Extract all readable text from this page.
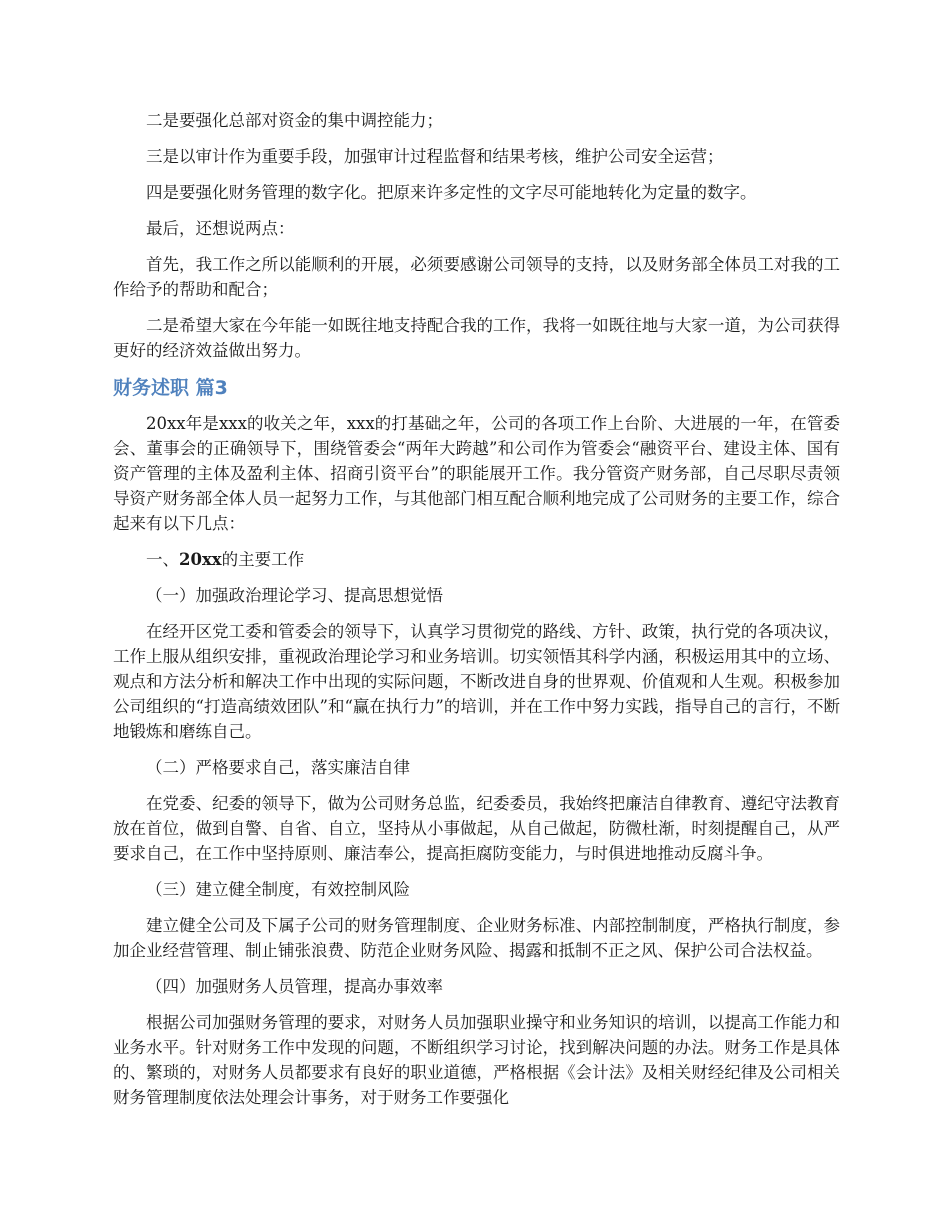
二是要强化总部对资金的集中调控能力；

三是以审计作为重要手段，加强审计过程监督和结果考核，维护公司安全运营；

四是要强化财务管理的数字化。把原来许多定性的文字尽可能地转化为定量的数字。

最后，还想说两点：

首先，我工作之所以能顺利的开展，必须要感谢公司领导的支持，以及财务部全体员工对我的工作给予的帮助和配合；

二是希望大家在今年能一如既往地支持配合我的工作，我将一如既往地与大家一道，为公司获得更好的经济效益做出努力。

财务述职 篇3

20xx年是xxx的收关之年，xxx的打基础之年，公司的各项工作上台阶、大进展的一年，在管委会、董事会的正确领导下，围绕管委会“两年大跨越”和公司作为管委会“融资平台、建设主体、国有资产管理的主体及盈利主体、招商引资平台”的职能展开工作。我分管资产财务部，自己尽职尽责领导资产财务部全体人员一起努力工作，与其他部门相互配合顺利地完成了公司财务的主要工作，综合起来有以下几点：

一、20xx的主要工作

（一）加强政治理论学习、提高思想觉悟

在经开区党工委和管委会的领导下，认真学习贯彻党的路线、方针、政策，执行党的各项决议，工作上服从组织安排，重视政治理论学习和业务培训。切实领悟其科学内涵，积极运用其中的立场、观点和方法分析和解决工作中出现的实际问题，不断改进自身的世界观、价值观和人生观。积极参加公司组织的“打造高绩效团队”和“赢在执行力”的培训，并在工作中努力实践，指导自己的言行，不断地锻炼和磨练自己。

（二）严格要求自己，落实廉洁自律

在党委、纪委的领导下，做为公司财务总监，纪委委员，我始终把廉洁自律教育、遵纪守法教育放在首位，做到自警、自省、自立，坚持从小事做起，从自己做起，防微杜渐，时刻提醒自己，从严要求自己，在工作中坚持原则、廉洁奉公，提高拒腐防变能力，与时俱进地推动反腐斗争。

（三）建立健全制度，有效控制风险

建立健全公司及下属子公司的财务管理制度、企业财务标准、内部控制制度，严格执行制度，参加企业经营管理、制止铺张浪费、防范企业财务风险、揭露和抵制不正之风、保护公司合法权益。

（四）加强财务人员管理，提高办事效率

根据公司加强财务管理的要求，对财务人员加强职业操守和业务知识的培训，以提高工作能力和业务水平。针对财务工作中发现的问题，不断组织学习讨论，找到解决问题的办法。财务工作是具体的、繁琐的，对财务人员都要求有良好的职业道德，严格根据《会计法》及相关财经纪律及公司相关财务管理制度依法处理会计事务，对于财务工作要强化
